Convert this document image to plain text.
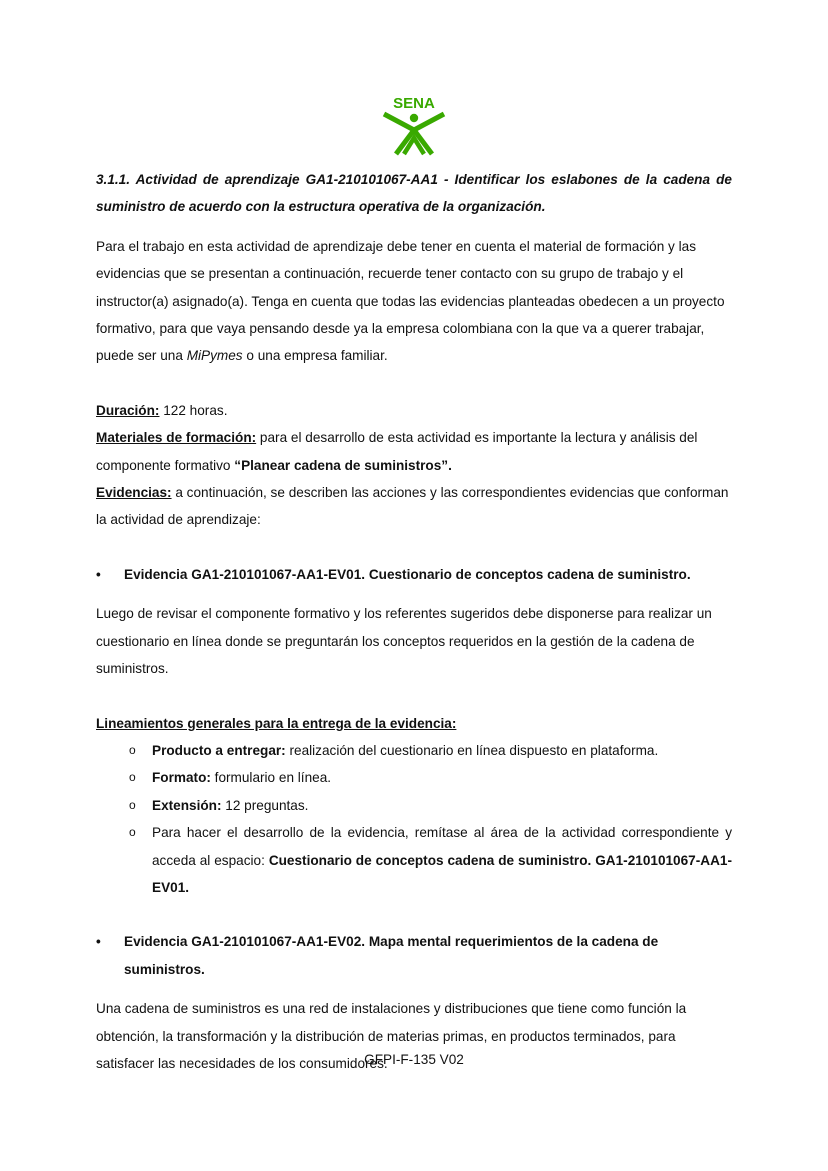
SENA

3.1.1. Actividad de aprendizaje GA1-210101067-AA1 - Identificar los eslabones de la cadena de suministro de acuerdo con la estructura operativa de la organización.

Para el trabajo en esta actividad de aprendizaje debe tener en cuenta el material de formación y las evidencias que se presentan a continuación, recuerde tener contacto con su grupo de trabajo y el instructor(a) asignado(a). Tenga en cuenta que todas las evidencias planteadas obedecen a un proyecto formativo, para que vaya pensando desde ya la empresa colombiana con la que va a querer trabajar, puede ser una MiPymes o una empresa familiar.

Duración: 122 horas.

Materiales de formación: para el desarrollo de esta actividad es importante la lectura y análisis del componente formativo “Planear cadena de suministros”.

Evidencias: a continuación, se describen las acciones y las correspondientes evidencias que conforman la actividad de aprendizaje:

• Evidencia GA1-210101067-AA1-EV01. Cuestionario de conceptos cadena de suministro.

Luego de revisar el componente formativo y los referentes sugeridos debe disponerse para realizar un cuestionario en línea donde se preguntarán los conceptos requeridos en la gestión de la cadena de suministros.

Lineamientos generales para la entrega de la evidencia:

o Producto a entregar: realización del cuestionario en línea dispuesto en plataforma.
o Formato: formulario en línea.
o Extensión: 12 preguntas.
o Para hacer el desarrollo de la evidencia, remítase al área de la actividad correspondiente y acceda al espacio: Cuestionario de conceptos cadena de suministro. GA1-210101067-AA1-EV01.

• Evidencia GA1-210101067-AA1-EV02. Mapa mental requerimientos de la cadena de suministros.

Una cadena de suministros es una red de instalaciones y distribuciones que tiene como función la obtención, la transformación y la distribución de materias primas, en productos terminados, para satisfacer las necesidades de los consumidores.

GFPI-F-135 V02
